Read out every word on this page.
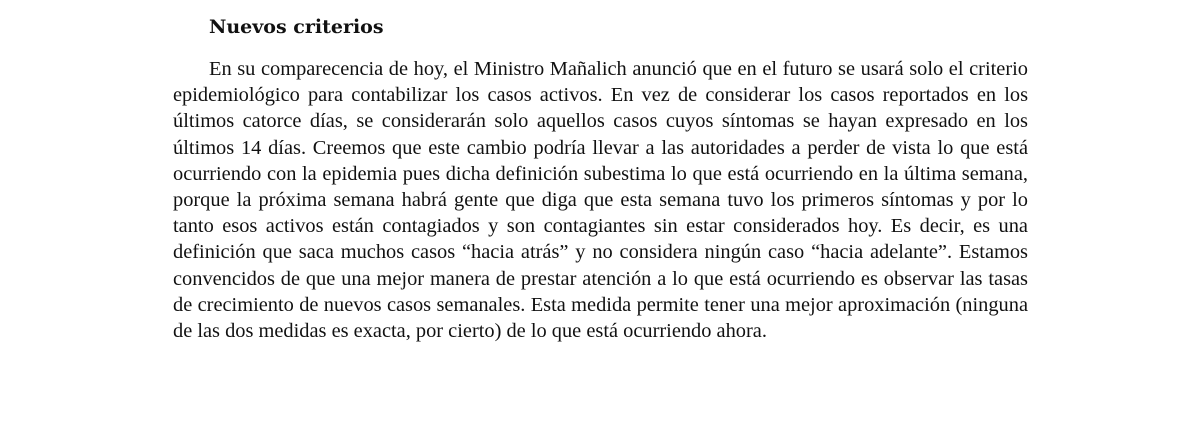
Nuevos criterios

En su comparecencia de hoy, el Ministro Mañalich anunció que en el futuro se usará solo el criterio epidemiológico para contabilizar los casos activos. En vez de considerar los casos reportados en los últimos catorce días, se considerarán solo aquellos casos cuyos síntomas se hayan expresado en los últimos 14 días. Creemos que este cambio podría llevar a las autoridades a perder de vista lo que está ocurriendo con la epidemia pues dicha definición subestima lo que está ocurriendo en la última semana, porque la próxima semana habrá gente que diga que esta semana tuvo los primeros síntomas y por lo tanto esos activos están contagiados y son contagiantes sin estar considerados hoy. Es decir, es una definición que saca muchos casos “hacia atrás” y no considera ningún caso “hacia adelante”. Estamos convencidos de que una mejor manera de prestar atención a lo que está ocurriendo es observar las tasas de crecimiento de nuevos casos semanales. Esta medida permite tener una mejor aproximación (ninguna de las dos medidas es exacta, por cierto) de lo que está ocurriendo ahora.
